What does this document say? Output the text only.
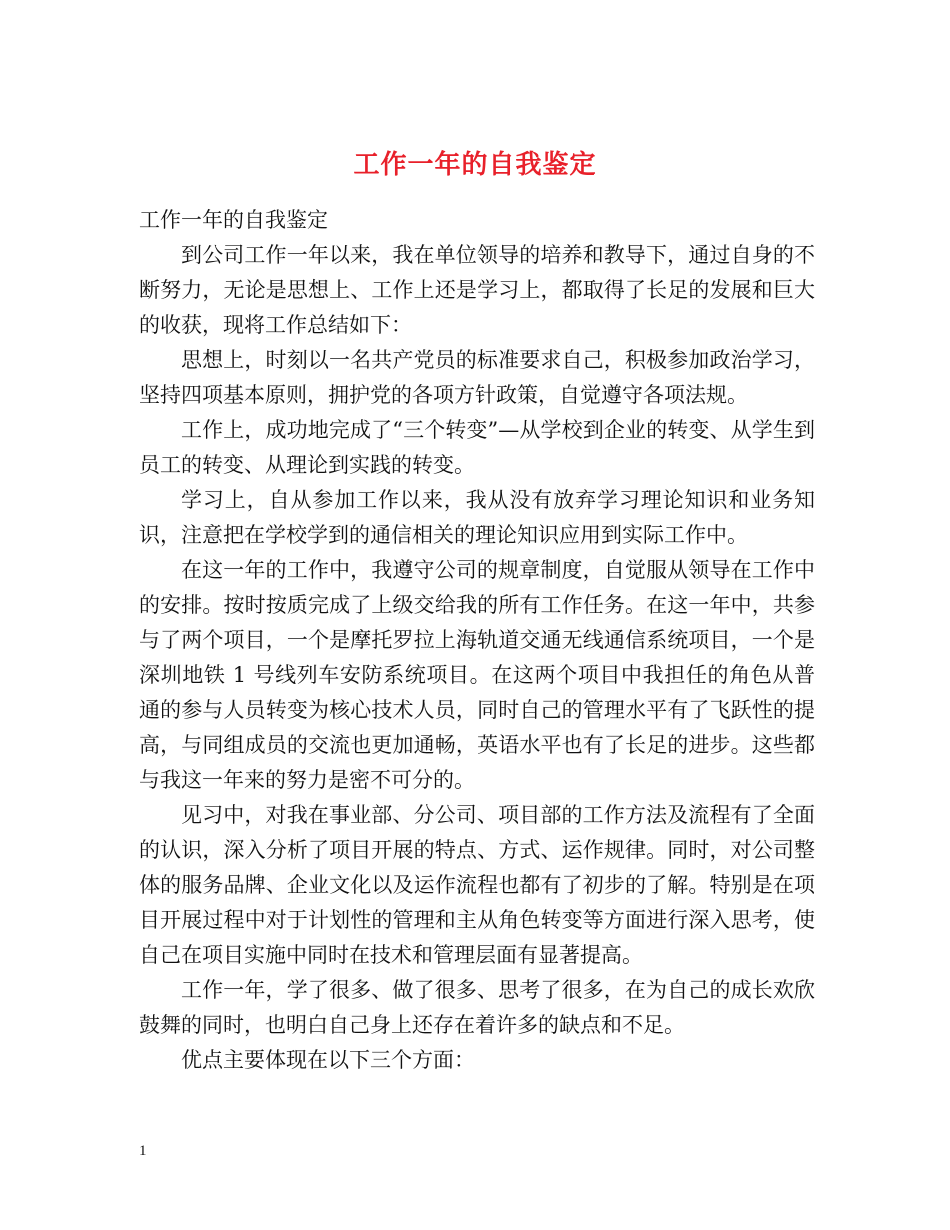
工作一年的自我鉴定

工作一年的自我鉴定

到公司工作一年以来，我在单位领导的培养和教导下，通过自身的不断努力，无论是思想上、工作上还是学习上，都取得了长足的发展和巨大的收获，现将工作总结如下：

思想上，时刻以一名共产党员的标准要求自己，积极参加政治学习，坚持四项基本原则，拥护党的各项方针政策，自觉遵守各项法规。

工作上，成功地完成了“三个转变”—从学校到企业的转变、从学生到员工的转变、从理论到实践的转变。

学习上，自从参加工作以来，我从没有放弃学习理论知识和业务知识，注意把在学校学到的通信相关的理论知识应用到实际工作中。

在这一年的工作中，我遵守公司的规章制度，自觉服从领导在工作中的安排。按时按质完成了上级交给我的所有工作任务。在这一年中，共参与了两个项目，一个是摩托罗拉上海轨道交通无线通信系统项目，一个是深圳地铁 1 号线列车安防系统项目。在这两个项目中我担任的角色从普通的参与人员转变为核心技术人员，同时自己的管理水平有了飞跃性的提高，与同组成员的交流也更加通畅，英语水平也有了长足的进步。这些都与我这一年来的努力是密不可分的。

见习中，对我在事业部、分公司、项目部的工作方法及流程有了全面的认识，深入分析了项目开展的特点、方式、运作规律。同时，对公司整体的服务品牌、企业文化以及运作流程也都有了初步的了解。特别是在项目开展过程中对于计划性的管理和主从角色转变等方面进行深入思考，使自己在项目实施中同时在技术和管理层面有显著提高。

工作一年，学了很多、做了很多、思考了很多，在为自己的成长欢欣鼓舞的同时，也明白自己身上还存在着许多的缺点和不足。

优点主要体现在以下三个方面：

1
